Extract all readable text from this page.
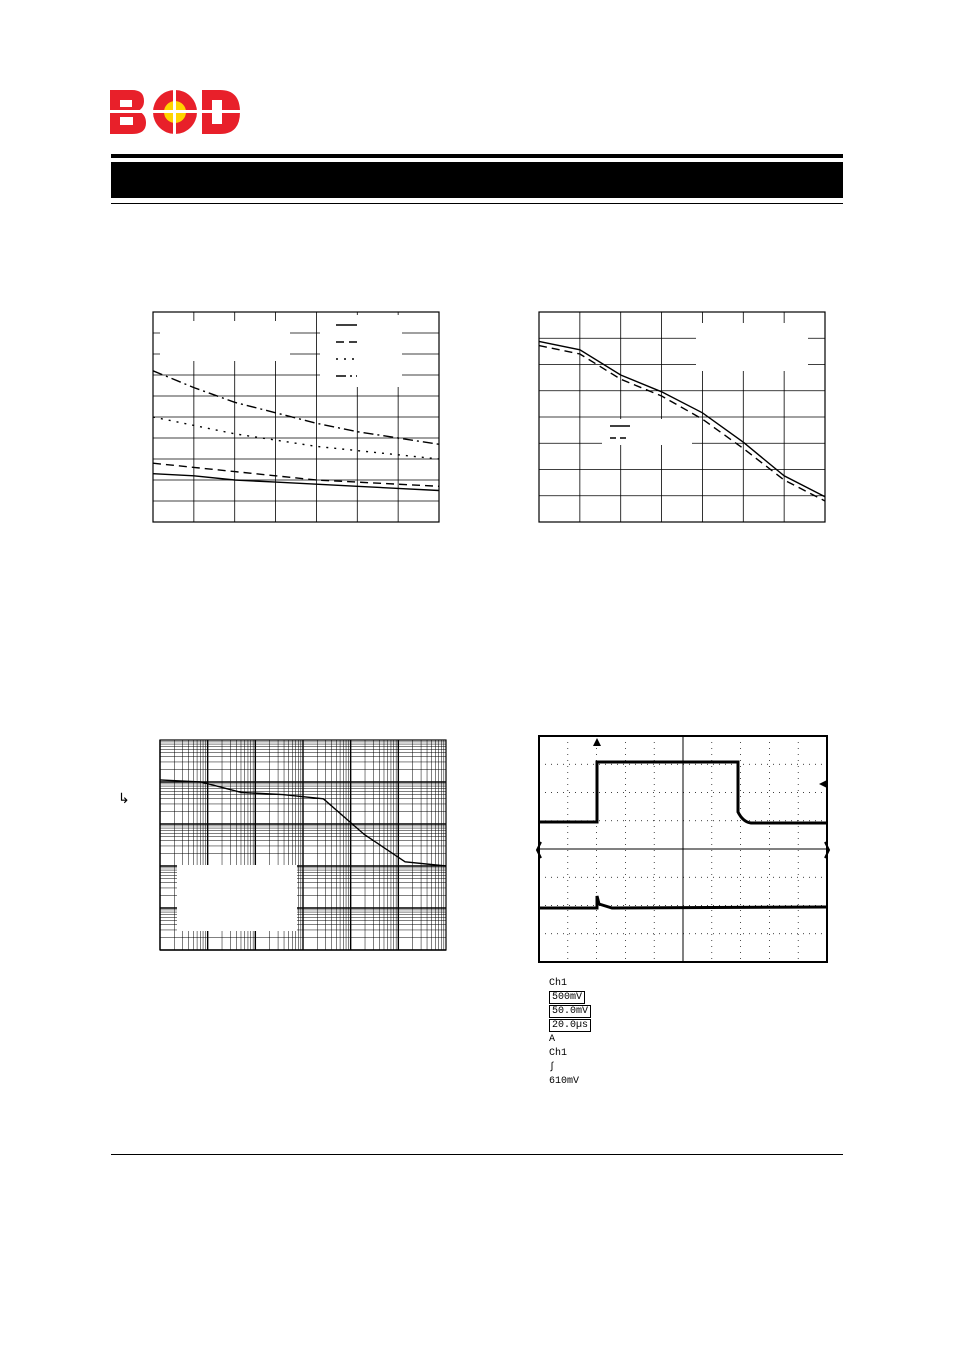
↳

Ch1
500mV
50.0mV
20.0µs
A
Ch1
∫
610mV
